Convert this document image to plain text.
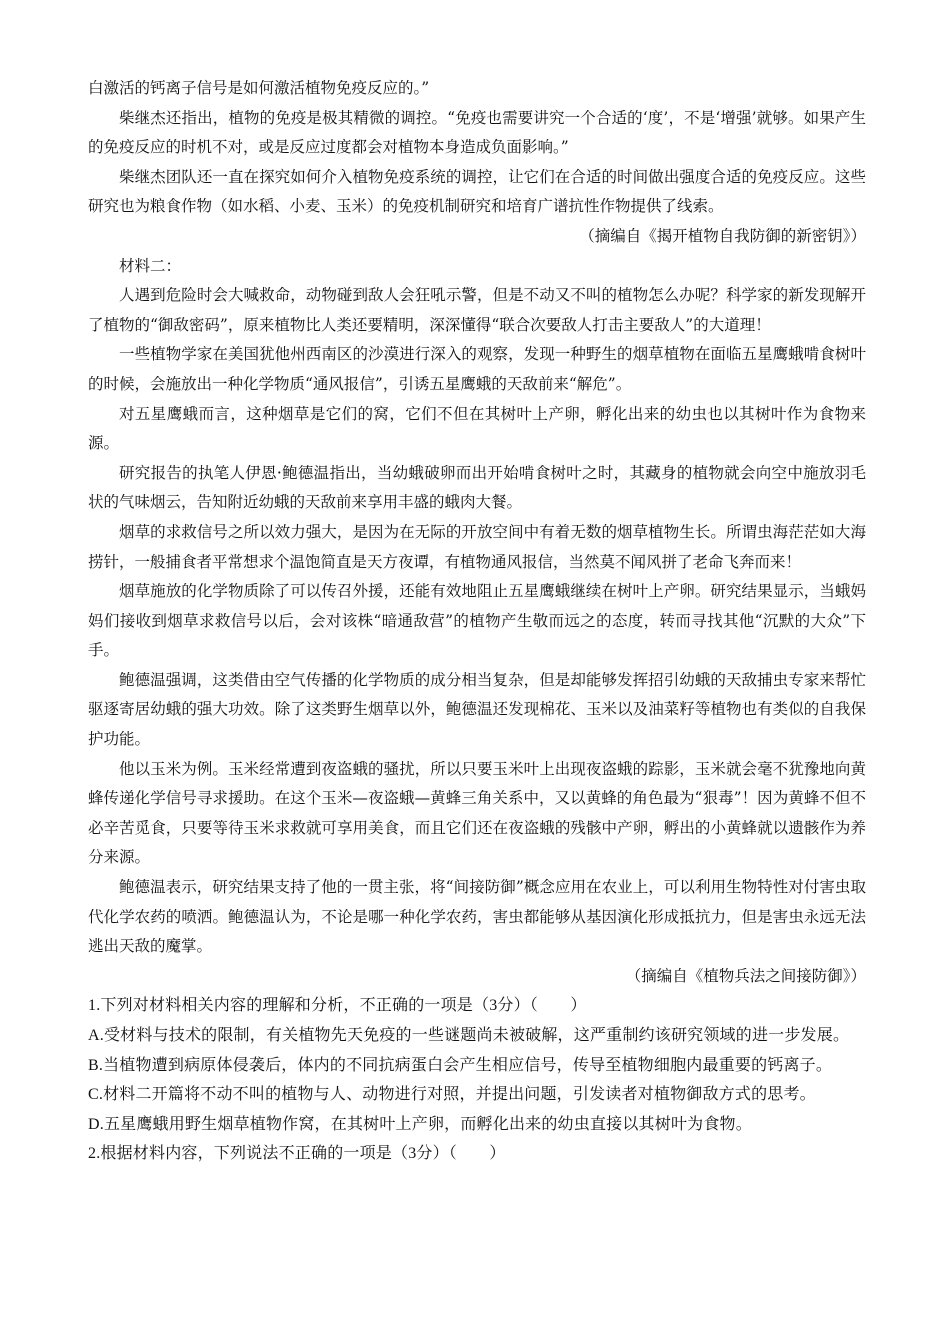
白激活的钙离子信号是如何激活植物免疫反应的。”

柴继杰还指出，植物的免疫是极其精微的调控。“免疫也需要讲究一个合适的‘度’，不是‘增强’就够。如果产生的免疫反应的时机不对，或是反应过度都会对植物本身造成负面影响。”

柴继杰团队还一直在探究如何介入植物免疫系统的调控，让它们在合适的时间做出强度合适的免疫反应。这些研究也为粮食作物（如水稻、小麦、玉米）的免疫机制研究和培育广谱抗性作物提供了线索。

（摘编自《揭开植物自我防御的新密钥》）

材料二：

人遇到危险时会大喊救命，动物碰到敌人会狂吼示警，但是不动又不叫的植物怎么办呢？科学家的新发现解开了植物的“御敌密码”，原来植物比人类还要精明，深深懂得“联合次要敌人打击主要敌人”的大道理！

一些植物学家在美国犹他州西南区的沙漠进行深入的观察，发现一种野生的烟草植物在面临五星鹰蛾啃食树叶的时候，会施放出一种化学物质“通风报信”，引诱五星鹰蛾的天敌前来“解危”。

对五星鹰蛾而言，这种烟草是它们的窝，它们不但在其树叶上产卵，孵化出来的幼虫也以其树叶作为食物来源。

研究报告的执笔人伊恩·鲍德温指出，当幼蛾破卵而出开始啃食树叶之时，其藏身的植物就会向空中施放羽毛状的气味烟云，告知附近幼蛾的天敌前来享用丰盛的蛾肉大餐。

烟草的求救信号之所以效力强大，是因为在无际的开放空间中有着无数的烟草植物生长。所谓虫海茫茫如大海捞针，一般捕食者平常想求个温饱简直是天方夜谭，有植物通风报信，当然莫不闻风拼了老命飞奔而来！

烟草施放的化学物质除了可以传召外援，还能有效地阻止五星鹰蛾继续在树叶上产卵。研究结果显示，当蛾妈妈们接收到烟草求救信号以后，会对该株“暗通敌营”的植物产生敬而远之的态度，转而寻找其他“沉默的大众”下手。

鲍德温强调，这类借由空气传播的化学物质的成分相当复杂，但是却能够发挥招引幼蛾的天敌捕虫专家来帮忙驱逐寄居幼蛾的强大功效。除了这类野生烟草以外，鲍德温还发现棉花、玉米以及油菜籽等植物也有类似的自我保护功能。

他以玉米为例。玉米经常遭到夜盗蛾的骚扰，所以只要玉米叶上出现夜盗蛾的踪影，玉米就会毫不犹豫地向黄蜂传递化学信号寻求援助。在这个玉米—夜盗蛾—黄蜂三角关系中，又以黄蜂的角色最为“狠毒”！因为黄蜂不但不必辛苦觅食，只要等待玉米求救就可享用美食，而且它们还在夜盗蛾的残骸中产卵，孵出的小黄蜂就以遗骸作为养分来源。

鲍德温表示，研究结果支持了他的一贯主张，将“间接防御”概念应用在农业上，可以利用生物特性对付害虫取代化学农药的喷洒。鲍德温认为，不论是哪一种化学农药，害虫都能够从基因演化形成抵抗力，但是害虫永远无法逃出天敌的魔掌。

（摘编自《植物兵法之间接防御》）

1.下列对材料相关内容的理解和分析，不正确的一项是（3分）（　　）

A.受材料与技术的限制，有关植物先天免疫的一些谜题尚未被破解，这严重制约该研究领域的进一步发展。

B.当植物遭到病原体侵袭后，体内的不同抗病蛋白会产生相应信号，传导至植物细胞内最重要的钙离子。

C.材料二开篇将不动不叫的植物与人、动物进行对照，并提出问题，引发读者对植物御敌方式的思考。

D.五星鹰蛾用野生烟草植物作窝，在其树叶上产卵，而孵化出来的幼虫直接以其树叶为食物。

2.根据材料内容，下列说法不正确的一项是（3分）（　　）
